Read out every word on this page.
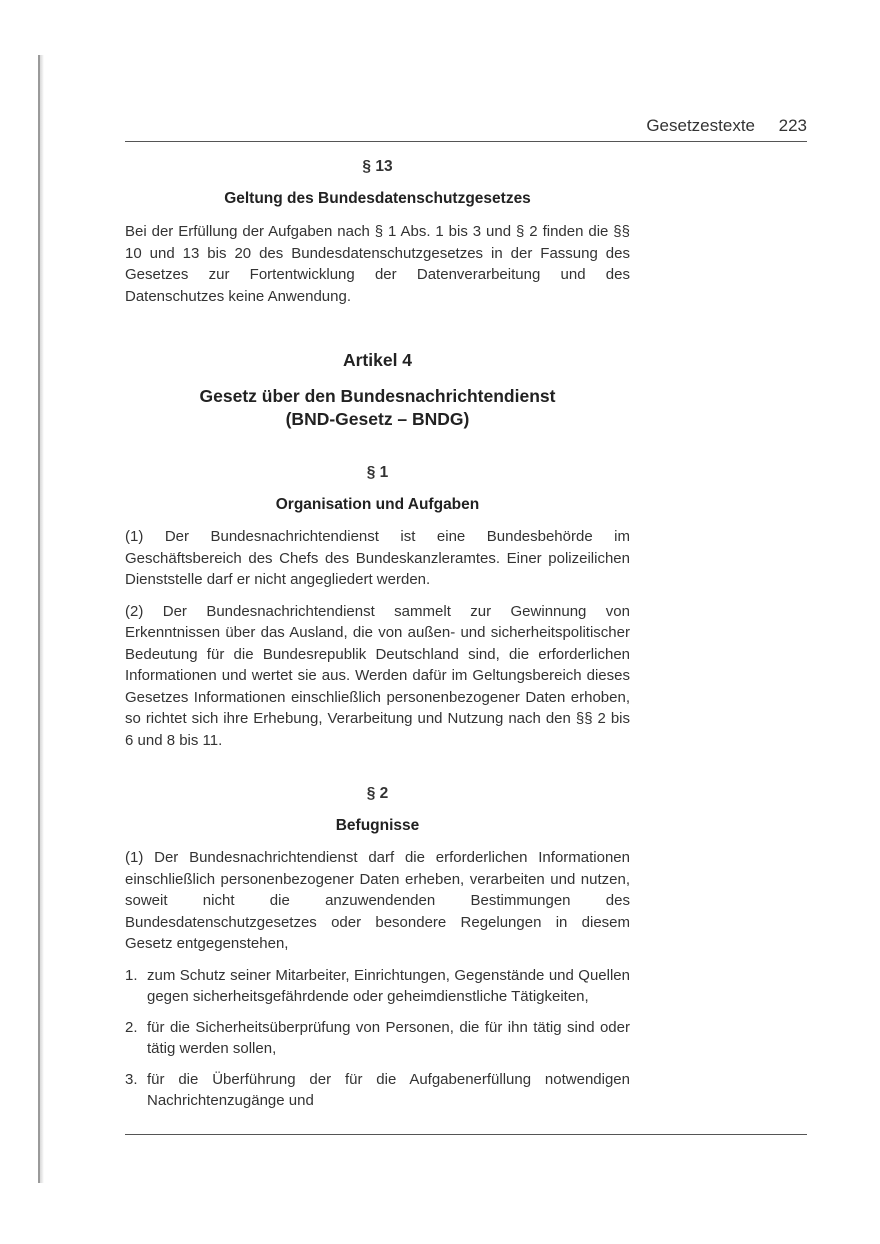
Gesetzestexte 223
§ 13
Geltung des Bundesdatenschutzgesetzes

Bei der Erfüllung der Aufgaben nach § 1 Abs. 1 bis 3 und § 2 finden die §§ 10 und 13 bis 20 des Bundesdatenschutzgesetzes in der Fassung des Gesetzes zur Fortentwicklung der Datenverarbeitung und des Datenschutzes keine Anwendung.

Artikel 4
Gesetz über den Bundesnachrichtendienst
(BND-Gesetz – BNDG)
§ 1
Organisation und Aufgaben

(1) Der Bundesnachrichtendienst ist eine Bundesbehörde im Geschäftsbereich des Chefs des Bundeskanzleramtes. Einer polizeilichen Dienststelle darf er nicht angegliedert werden.

(2) Der Bundesnachrichtendienst sammelt zur Gewinnung von Erkenntnissen über das Ausland, die von außen- und sicherheitspolitischer Bedeutung für die Bundesrepublik Deutschland sind, die erforderlichen Informationen und wertet sie aus. Werden dafür im Geltungsbereich dieses Gesetzes Informationen einschließlich personenbezogener Daten erhoben, so richtet sich ihre Erhebung, Verarbeitung und Nutzung nach den §§ 2 bis 6 und 8 bis 11.

§ 2
Befugnisse

(1) Der Bundesnachrichtendienst darf die erforderlichen Informationen einschließlich personenbezogener Daten erheben, verarbeiten und nutzen, soweit nicht die anzuwendenden Bestimmungen des Bundesdatenschutzgesetzes oder besondere Regelungen in diesem Gesetz entgegenstehen,

1. zum Schutz seiner Mitarbeiter, Einrichtungen, Gegenstände und Quellen gegen sicherheitsgefährdende oder geheimdienstliche Tätigkeiten,
2. für die Sicherheitsüberprüfung von Personen, die für ihn tätig sind oder tätig werden sollen,
3. für die Überführung der für die Aufgabenerfüllung notwendigen Nachrichtenzugänge und
